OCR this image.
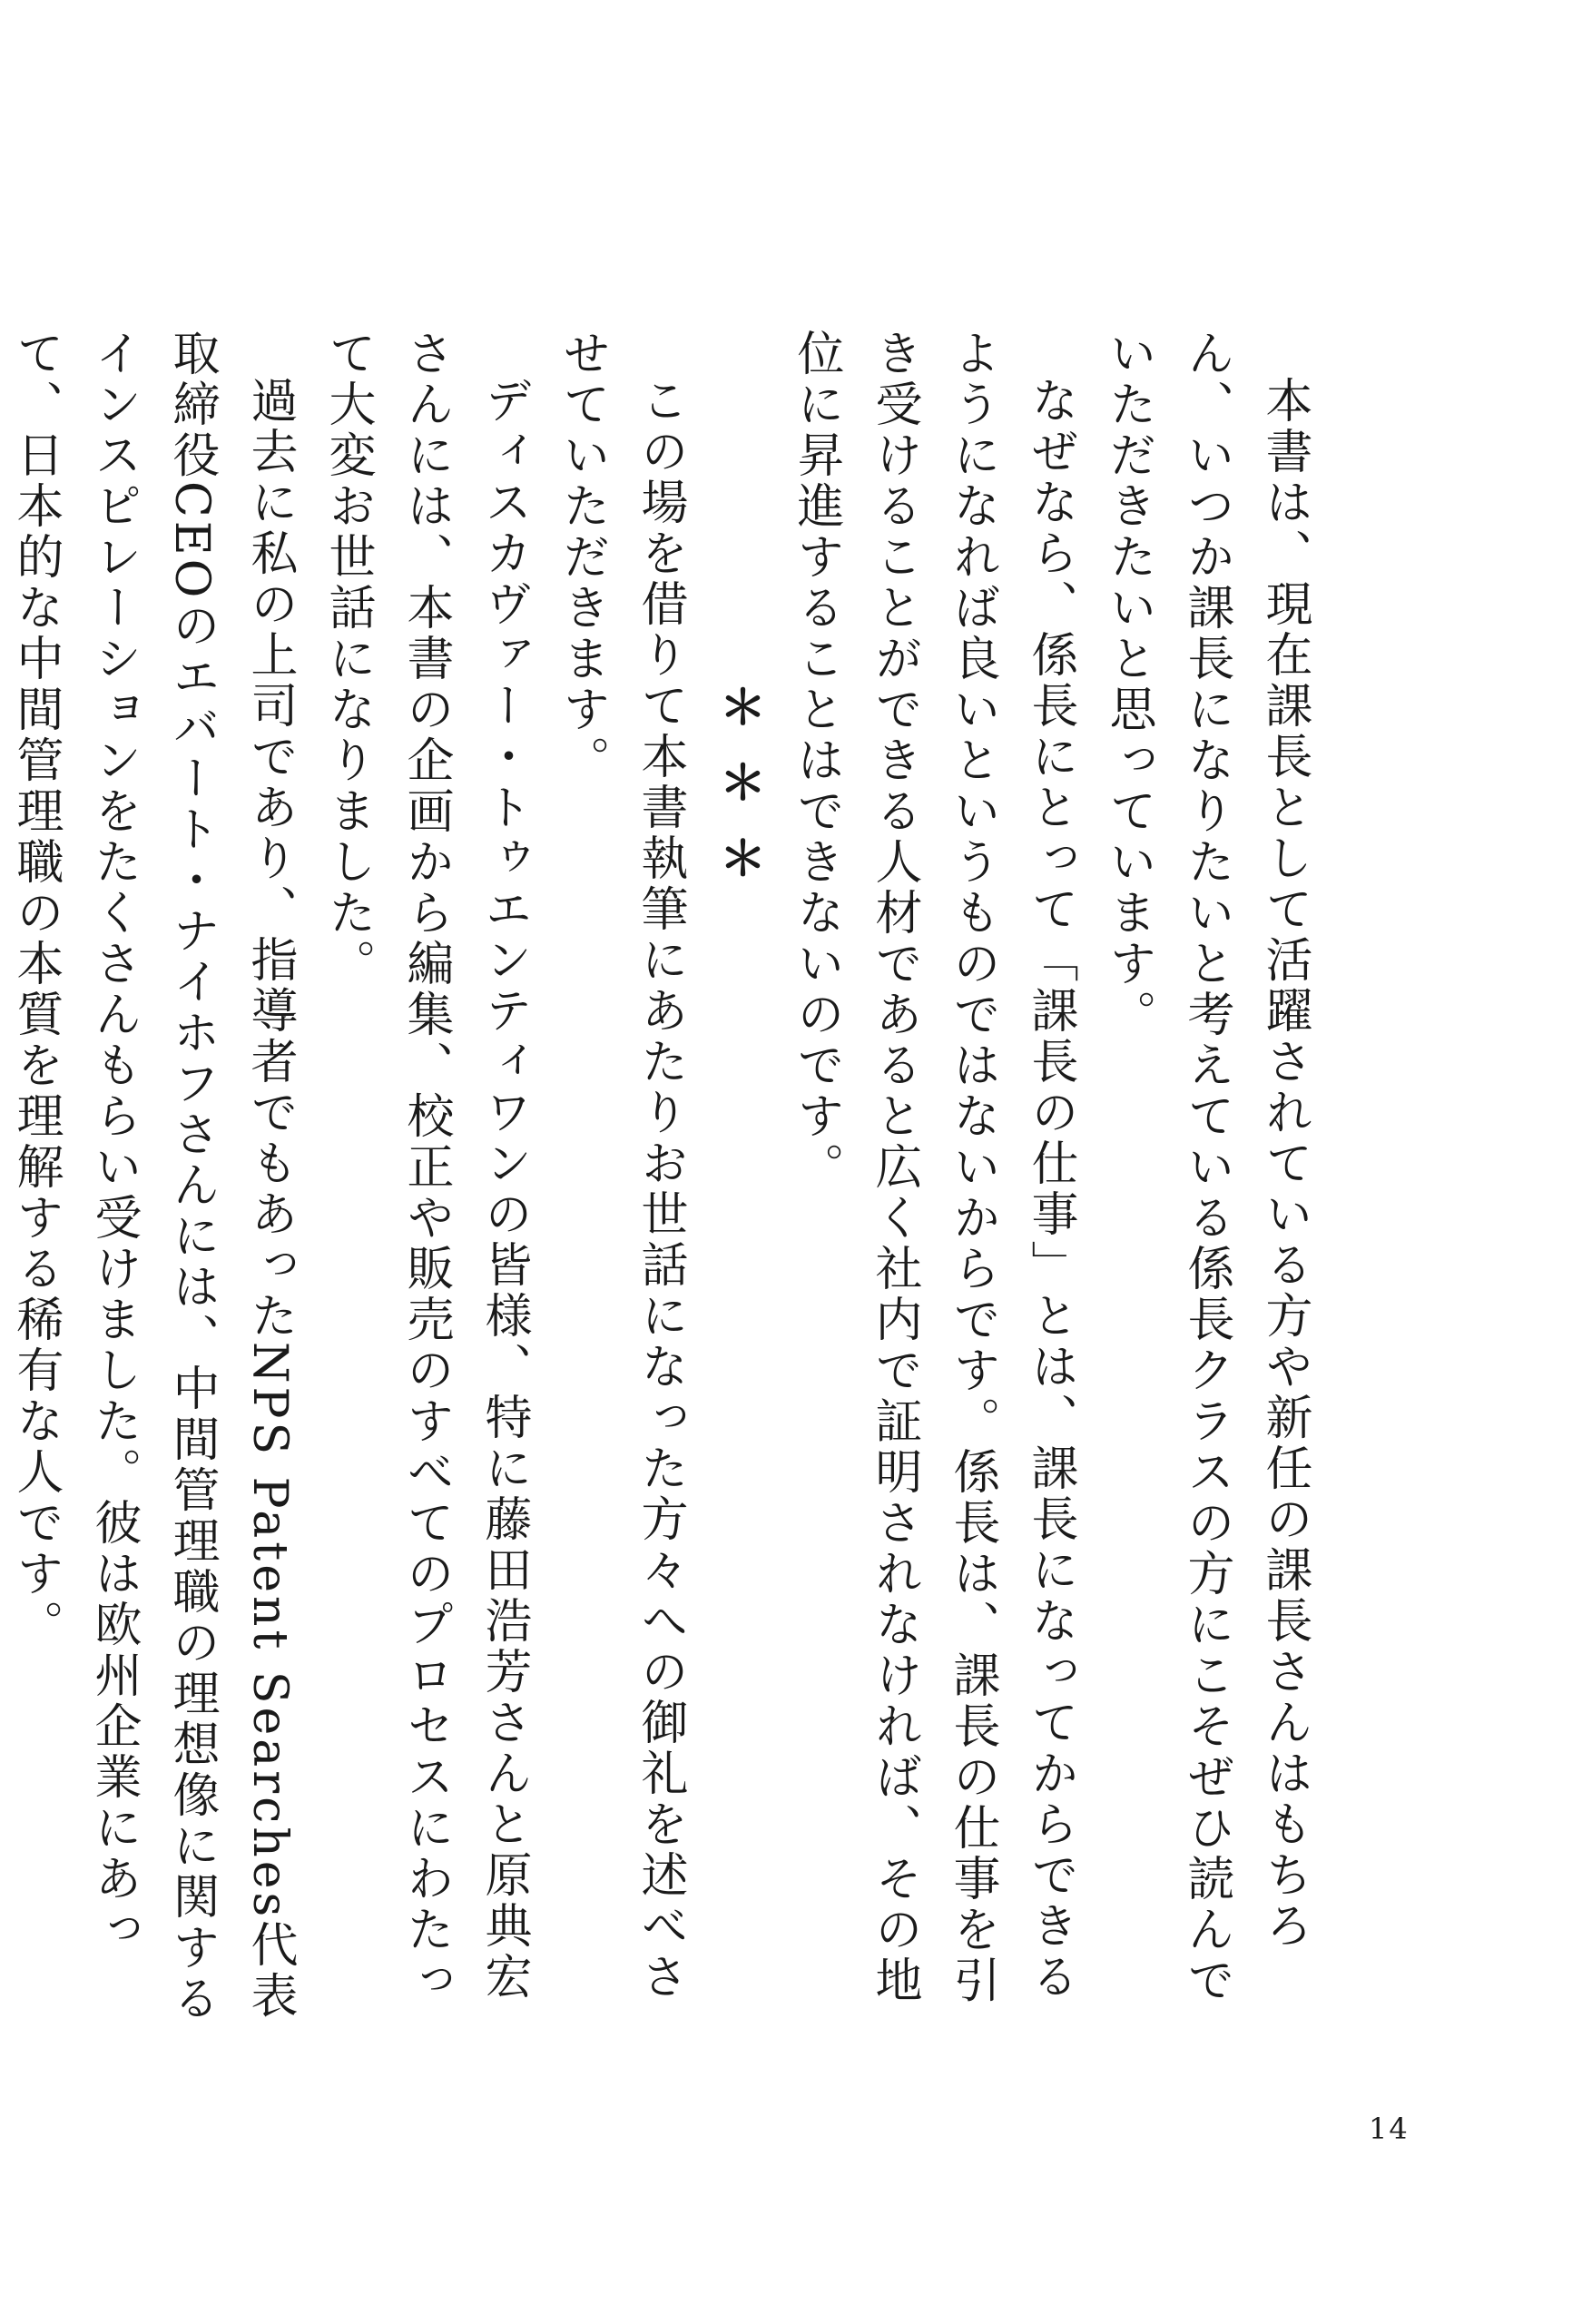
本書は、現在課長として活躍されている方や新任の課長さんはもちろん、いつか課長になりたいと考えている係長クラスの方にこそぜひ読んでいただきたいと思っています。

なぜなら、係長にとって「課長の仕事」とは、課長になってからできるようになれば良いというものではないからです。係長は、課長の仕事を引き受けることができる人材であると広く社内で証明されなければ、その地位に昇進することはできないのです。

＊＊＊

この場を借りて本書執筆にあたりお世話になった方々への御礼を述べさせていただきます。

ディスカヴァー・トゥエンティワンの皆様、特に藤田浩芳さんと原典宏さんには、本書の企画から編集、校正や販売のすべてのプロセスにわたって大変お世話になりました。

過去に私の上司であり、指導者でもあったNPS Patent Searches代表取締役CEOのエバート・ナイホフさんには、中間管理職の理想像に関するインスピレーションをたくさんもらい受けました。彼は欧州企業にあって、日本的な中間管理職の本質を理解する稀有な人です。

14
